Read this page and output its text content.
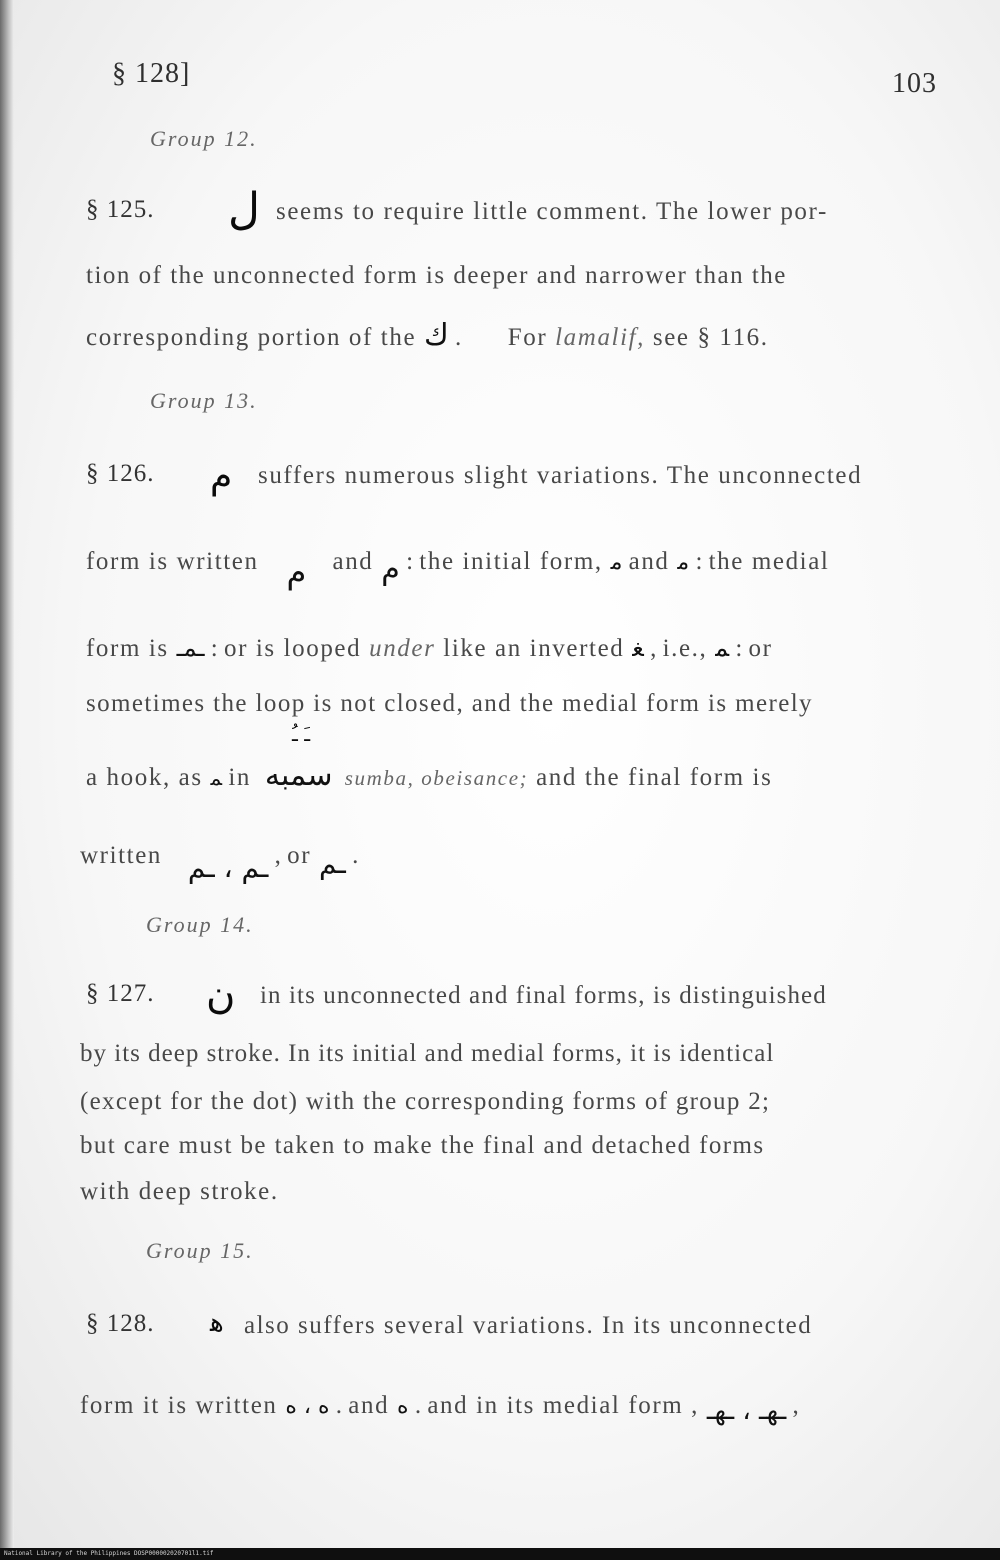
§ 128]	103
Group 12.
§ 125. ل seems to require little comment. The lower por-
tion of the unconnected form is deeper and narrower than the
corresponding portion of the ك . For lamalif, see § 116.
Group 13.
§ 126. م suffers numerous slight variations. The unconnected
form is written م and م : the initial form, ﻣ and ﻣ : the medial
form is ـﻤـ : or is looped under like an inverted ﻐ , i.e., ﻤ : or
sometimes the loop is not closed, and the medial form is merely
ـَ ـُ
a hook, as ﻤ in سمبه sumba, obeisance; and the final form is
written ـم ، ـم , or ـم .
Group 14.
§ 127. ن in its unconnected and final forms, is distinguished
by its deep stroke. In its initial and medial forms, it is identical
(except for the dot) with the corresponding forms of group 2;
but care must be taken to make the final and detached forms
with deep stroke.
Group 15.
§ 128. ﻫ also suffers several variations. In its unconnected
form it is written ه ، ه . and ه . and in its medial form , ـﻬـ ، ـﻬـ ,
National Library of the Philippines DOSP000002020701l1.tif
